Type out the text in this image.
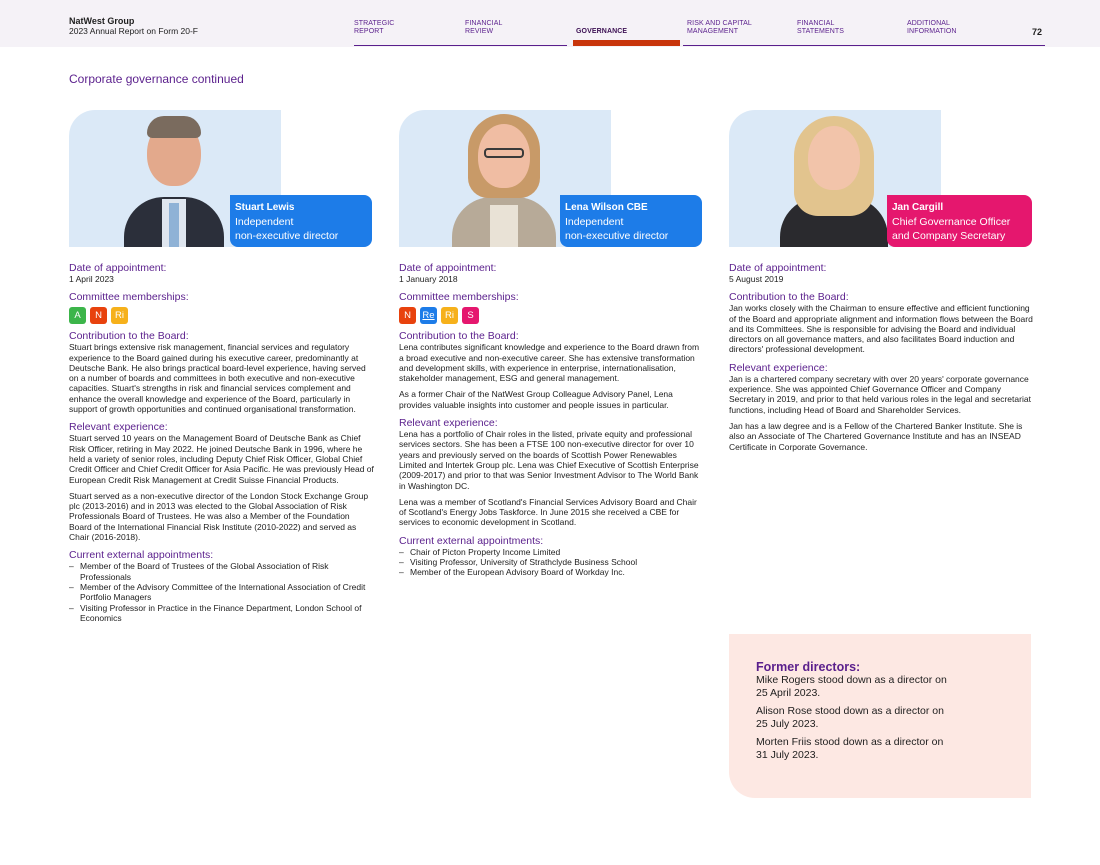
NatWest Group
2023 Annual Report on Form 20-F
STRATEGIC
REPORT
FINANCIAL
REVIEW	GOVERNANCE
RISK AND CAPITAL
MANAGEMENT
FINANCIAL
STATEMENTS
ADDITIONAL
INFORMATION	72
Corporate governance continued
Stuart Lewis
Independent
non-executive director
Date of appointment:
1 April 2023
Committee memberships:
A	N	Ri
Contribution to the Board:
Stuart brings extensive risk management, financial services and regulatory experience to the Board gained during his executive career, predominantly at Deutsche Bank. He also brings practical board-level experience, having served on a number of boards and committees in both executive and non-executive capacities. Stuart's strengths in risk and financial services complement and enhance the overall knowledge and experience of the Board, particularly in support of growth opportunities and continued organisational transformation.
Relevant experience:
Stuart served 10 years on the Management Board of Deutsche Bank as Chief Risk Officer, retiring in May 2022. He joined Deutsche Bank in 1996, where he held a variety of senior roles, including Deputy Chief Risk Officer, Global Chief Credit Officer and Chief Credit Officer for Asia Pacific. He was previously Head of European Credit Risk Management at Credit Suisse Financial Products.
Stuart served as a non-executive director of the London Stock Exchange Group plc (2013-2016) and in 2013 was elected to the Global Association of Risk Professionals Board of Trustees. He was also a Member of the Foundation Board of the International Financial Risk Institute (2010-2022) and served as Chair (2016-2018).
Current external appointments:
– Member of the Board of Trustees of the Global Association of Risk Professionals
– Member of the Advisory Committee of the International Association of Credit Portfolio Managers
– Visiting Professor in Practice in the Finance Department, London School of Economics
Lena Wilson CBE
Independent
non-executive director
Date of appointment:
1 January 2018
Committee memberships:
N	Re	Ri	S
Contribution to the Board:
Lena contributes significant knowledge and experience to the Board drawn from a broad executive and non-executive career. She has extensive transformation and development skills, with experience in enterprise, internationalisation, stakeholder management, ESG and general management.
As a former Chair of the NatWest Group Colleague Advisory Panel, Lena provides valuable insights into customer and people issues in particular.
Relevant experience:
Lena has a portfolio of Chair roles in the listed, private equity and professional services sectors. She has been a FTSE 100 non-executive director for over 10 years and previously served on the boards of Scottish Power Renewables Limited and Intertek Group plc. Lena was Chief Executive of Scottish Enterprise (2009-2017) and prior to that was Senior Investment Advisor to The World Bank in Washington DC.
Lena was a member of Scotland's Financial Services Advisory Board and Chair of Scotland's Energy Jobs Taskforce. In June 2015 she received a CBE for services to economic development in Scotland.
Current external appointments:
– Chair of Picton Property Income Limited
– Visiting Professor, University of Strathclyde Business School
– Member of the European Advisory Board of Workday Inc.
Jan Cargill
Chief Governance Officer
and Company Secretary
Date of appointment:
5 August 2019
Contribution to the Board:
Jan works closely with the Chairman to ensure effective and efficient functioning of the Board and appropriate alignment and information flows between the Board and its Committees. She is responsible for advising the Board and individual directors on all governance matters, and also facilitates Board induction and directors' professional development.
Relevant experience:
Jan is a chartered company secretary with over 20 years' corporate governance experience. She was appointed Chief Governance Officer and Company Secretary in 2019, and prior to that held various roles in the legal and secretariat functions, including Head of Board and Shareholder Services.
Jan has a law degree and is a Fellow of the Chartered Banker Institute. She is also an Associate of The Chartered Governance Institute and has an INSEAD Certificate in Corporate Governance.
Former directors:
Mike Rogers stood down as a director on 25 April 2023.
Alison Rose stood down as a director on 25 July 2023.
Morten Friis stood down as a director on 31 July 2023.
